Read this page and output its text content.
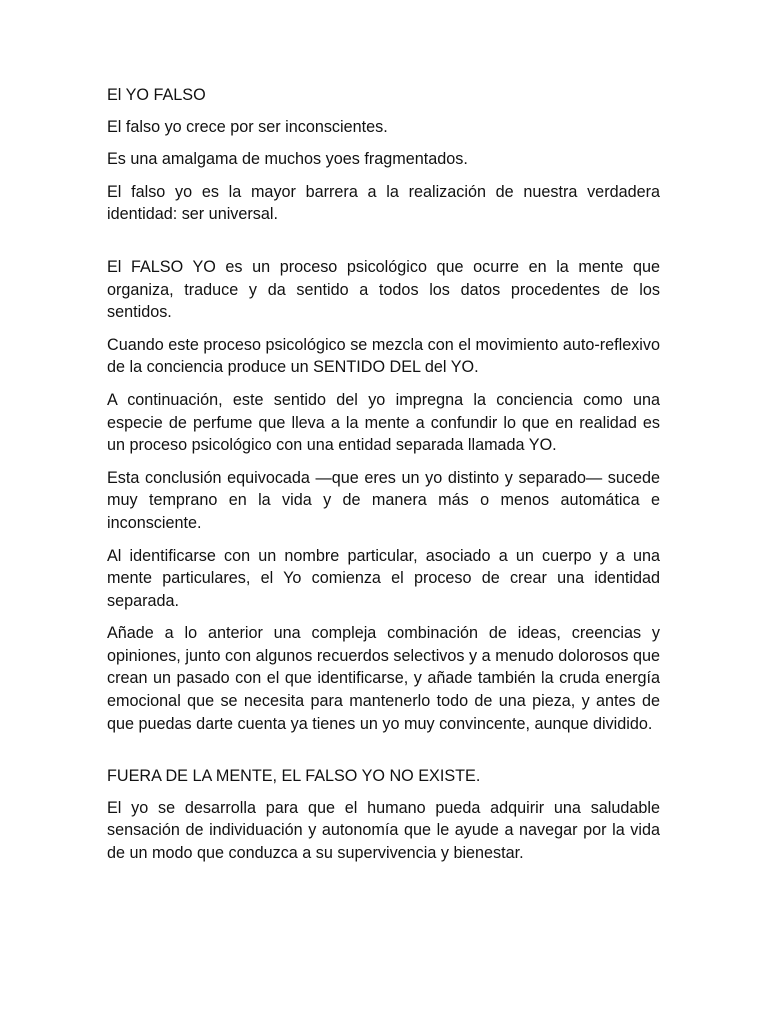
El YO FALSO

El falso yo crece por ser inconscientes.

Es una amalgama de muchos yoes fragmentados.

El falso yo es la mayor barrera a la realización de nuestra verdadera identidad: ser universal.

El FALSO YO es un proceso psicológico que ocurre en la mente que organiza, traduce y da sentido a todos los datos procedentes de los sentidos.

Cuando este proceso psicológico se mezcla con el movimiento auto-reflexivo de la conciencia produce un SENTIDO DEL del YO.

A continuación, este sentido del yo impregna la conciencia como una especie de perfume que lleva a la mente a confundir lo que en realidad es un proceso psicológico con una entidad separada llamada YO.

Esta conclusión equivocada —que eres un yo distinto y separado— sucede muy temprano en la vida y de manera más o menos automática e inconsciente.

Al identificarse con un nombre particular, asociado a un cuerpo y a una mente particulares, el Yo comienza el proceso de crear una identidad separada.

Añade a lo anterior una compleja combinación de ideas, creencias y opiniones, junto con algunos recuerdos selectivos y a menudo dolorosos que crean un pasado con el que identificarse, y añade también la cruda energía emocional que se necesita para mantenerlo todo de una pieza, y antes de que puedas darte cuenta ya tienes un yo muy convincente, aunque dividido.

FUERA DE LA MENTE, EL FALSO YO NO EXISTE.

El yo se desarrolla para que el humano pueda adquirir una saludable sensación de individuación y autonomía que le ayude a navegar por la vida de un modo que conduzca a su supervivencia y bienestar.
